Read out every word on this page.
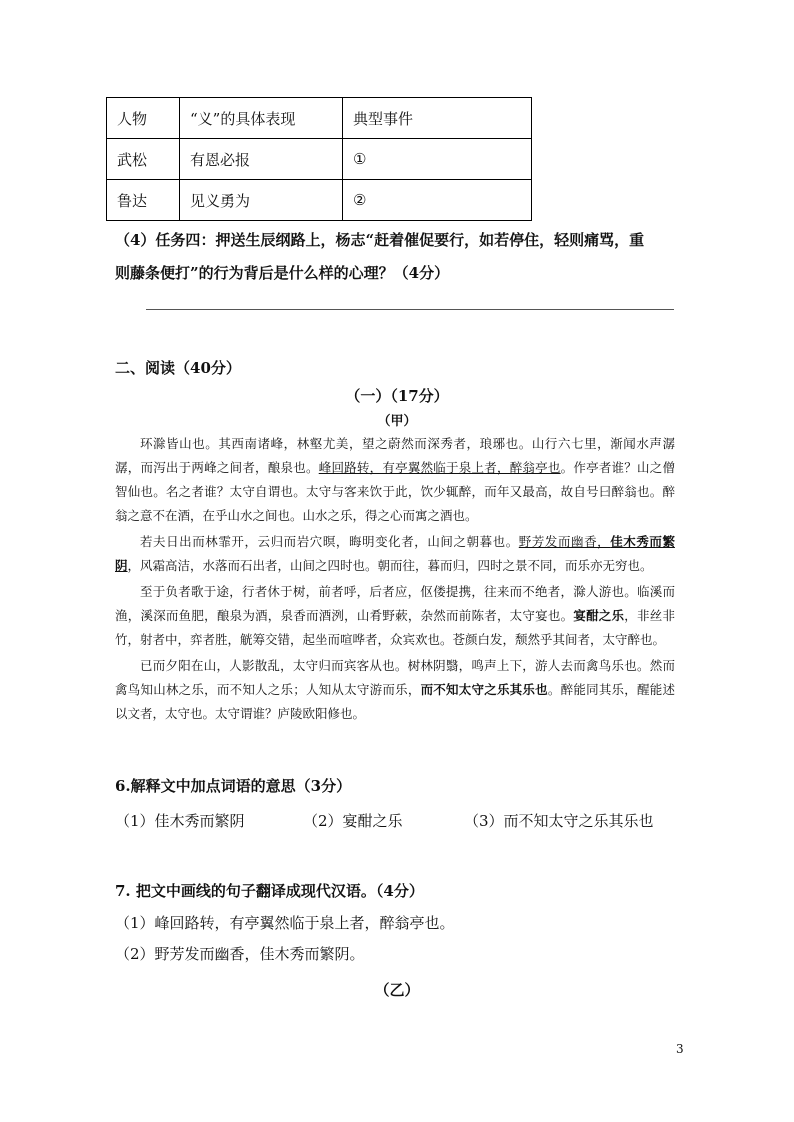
人物	“义”的具体表现	典型事件
武松	有恩必报	①
鲁达	见义勇为	②
（4）任务四：押送生辰纲路上，杨志“赶着催促要行，如若停住，轻则痛骂，重
则藤条便打”的行为背后是什么样的心理？（4分）
二、阅读（40分）
（一）（17分）
（甲）

环滁皆山也。其西南诸峰，林壑尤美，望之蔚然而深秀者，琅琊也。山行六七里，渐闻水声潺潺，而泻出于两峰之间者，酿泉也。峰回路转，有亭翼然临于泉上者，醉翁亭也。作亭者谁？山之僧智仙也。名之者谁？太守自谓也。太守与客来饮于此，饮少辄醉，而年又最高，故自号曰醉翁也。醉翁之意不在酒，在乎山水之间也。山水之乐，得之心而寓之酒也。

若夫日出而林霏开，云归而岩穴暝，晦明变化者，山间之朝暮也。野芳发而幽香，佳木秀而繁阴，风霜高洁，水落而石出者，山间之四时也。朝而往，暮而归，四时之景不同，而乐亦无穷也。

至于负者歌于途，行者休于树，前者呼，后者应，伛偻提携，往来而不绝者，滁人游也。临溪而渔，溪深而鱼肥，酿泉为酒，泉香而酒洌，山肴野蔌，杂然而前陈者，太守宴也。宴酣之乐，非丝非竹，射者中，弈者胜，觥筹交错，起坐而喧哗者，众宾欢也。苍颜白发，颓然乎其间者，太守醉也。

已而夕阳在山，人影散乱，太守归而宾客从也。树林阴翳，鸣声上下，游人去而禽鸟乐也。然而禽鸟知山林之乐，而不知人之乐；人知从太守游而乐，而不知太守之乐其乐也。醉能同其乐，醒能述以文者，太守也。太守谓谁？庐陵欧阳修也。

6.解释文中加点词语的意思（3分）
（1）佳木秀而繁阴	（2）宴酣之乐	（3）而不知太守之乐其乐也
7. 把文中画线的句子翻译成现代汉语。（4分）
（1）峰回路转，有亭翼然临于泉上者，醉翁亭也。
（2）野芳发而幽香，佳木秀而繁阴。
（乙）
3
